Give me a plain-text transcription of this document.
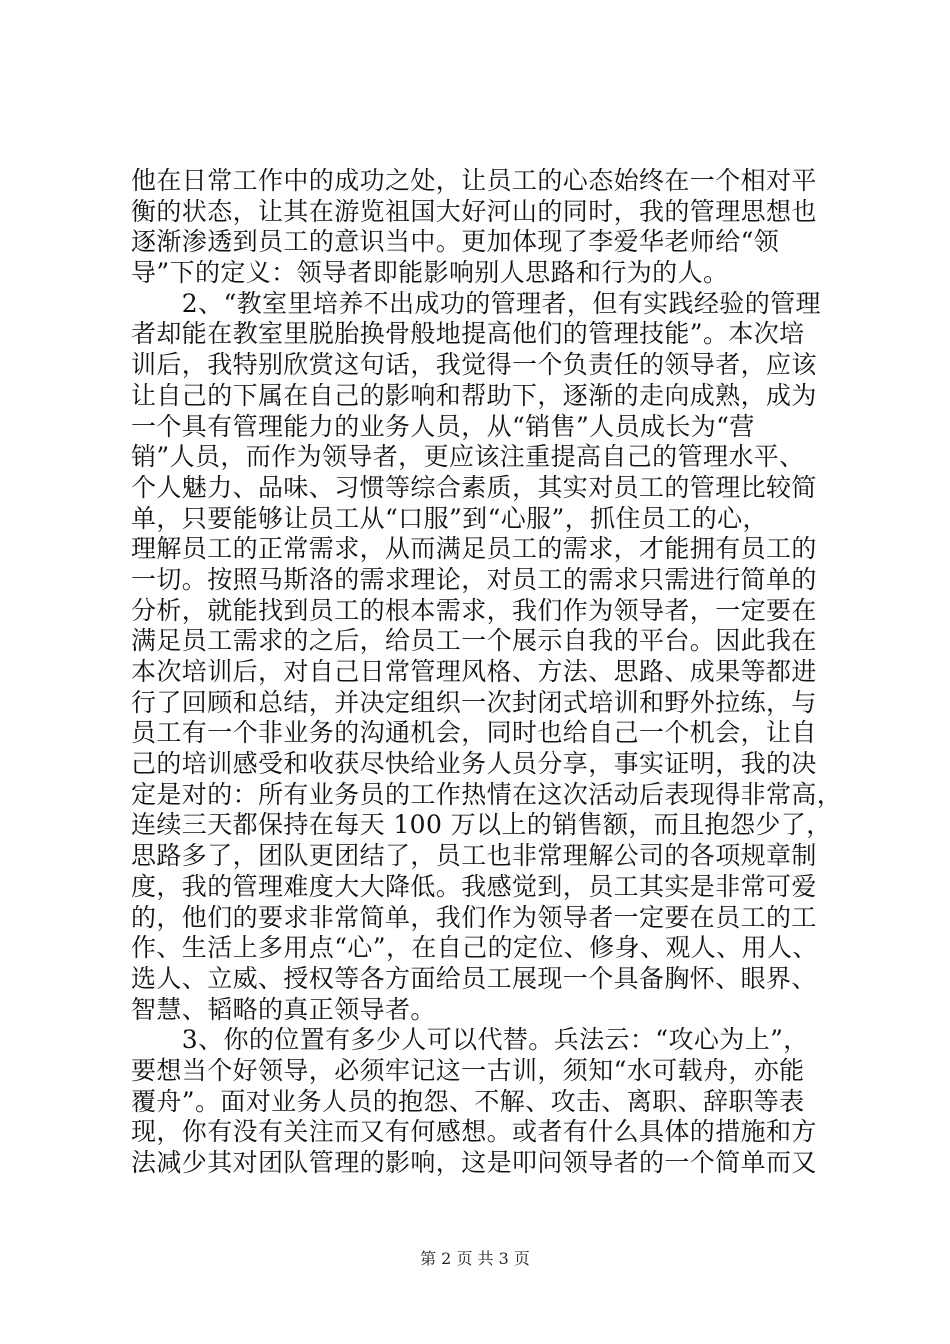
他在日常工作中的成功之处，让员工的心态始终在一个相对平
衡的状态，让其在游览祖国大好河山的同时，我的管理思想也
逐渐渗透到员工的意识当中。更加体现了李爱华老师给“领
导”下的定义：领导者即能影响别人思路和行为的人。
　　2、“教室里培养不出成功的管理者，但有实践经验的管理
者却能在教室里脱胎换骨般地提高他们的管理技能”。本次培
训后，我特别欣赏这句话，我觉得一个负责任的领导者，应该
让自己的下属在自己的影响和帮助下，逐渐的走向成熟，成为
一个具有管理能力的业务人员，从“销售”人员成长为“营
销”人员，而作为领导者，更应该注重提高自己的管理水平、
个人魅力、品味、习惯等综合素质，其实对员工的管理比较简
单，只要能够让员工从“口服”到“心服”，抓住员工的心，
理解员工的正常需求，从而满足员工的需求，才能拥有员工的
一切。按照马斯洛的需求理论，对员工的需求只需进行简单的
分析，就能找到员工的根本需求，我们作为领导者，一定要在
满足员工需求的之后，给员工一个展示自我的平台。因此我在
本次培训后，对自己日常管理风格、方法、思路、成果等都进
行了回顾和总结，并决定组织一次封闭式培训和野外拉练，与
员工有一个非业务的沟通机会，同时也给自己一个机会，让自
己的培训感受和收获尽快给业务人员分享，事实证明，我的决
定是对的：所有业务员的工作热情在这次活动后表现得非常高，
连续三天都保持在每天 100 万以上的销售额，而且抱怨少了，
思路多了，团队更团结了，员工也非常理解公司的各项规章制
度，我的管理难度大大降低。我感觉到，员工其实是非常可爱
的，他们的要求非常简单，我们作为领导者一定要在员工的工
作、生活上多用点“心”，在自己的定位、修身、观人、用人、
选人、立威、授权等各方面给员工展现一个具备胸怀、眼界、
智慧、韬略的真正领导者。
　　3、你的位置有多少人可以代替。兵法云：“攻心为上”，
要想当个好领导，必须牢记这一古训，须知“水可载舟，亦能
覆舟”。面对业务人员的抱怨、不解、攻击、离职、辞职等表
现，你有没有关注而又有何感想。或者有什么具体的措施和方
法减少其对团队管理的影响，这是叩问领导者的一个简单而又
第 2 页 共 3 页
